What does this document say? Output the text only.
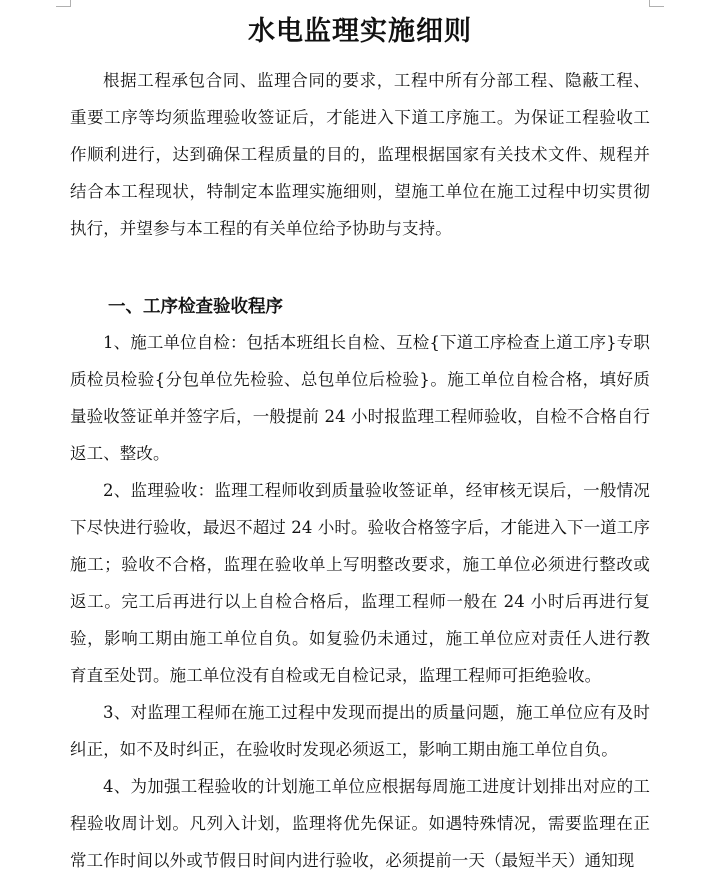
水电监理实施细则

根据工程承包合同、监理合同的要求，工程中所有分部工程、隐蔽工程、重要工序等均须监理验收签证后，才能进入下道工序施工。为保证工程验收工作顺利进行，达到确保工程质量的目的，监理根据国家有关技术文件、规程并结合本工程现状，特制定本监理实施细则，望施工单位在施工过程中切实贯彻执行，并望参与本工程的有关单位给予协助与支持。

一、工序检查验收程序

1、施工单位自检：包括本班组长自检、互检{下道工序检查上道工序}专职质检员检验{分包单位先检验、总包单位后检验}。施工单位自检合格，填好质量验收签证单并签字后，一般提前 24 小时报监理工程师验收，自检不合格自行返工、整改。

2、监理验收：监理工程师收到质量验收签证单，经审核无误后，一般情况下尽快进行验收，最迟不超过 24 小时。验收合格签字后，才能进入下一道工序施工；验收不合格，监理在验收单上写明整改要求，施工单位必须进行整改或返工。完工后再进行以上自检合格后，监理工程师一般在 24 小时后再进行复验，影响工期由施工单位自负。如复验仍未通过，施工单位应对责任人进行教育直至处罚。施工单位没有自检或无自检记录，监理工程师可拒绝验收。

3、对监理工程师在施工过程中发现而提出的质量问题，施工单位应有及时纠正，如不及时纠正，在验收时发现必须返工，影响工期由施工单位自负。

4、为加强工程验收的计划施工单位应根据每周施工进度计划排出对应的工程验收周计划。凡列入计划，监理将优先保证。如遇特殊情况，需要监理在正常工作时间以外或节假日时间内进行验收，必须提前一天（最短半天）通知现
